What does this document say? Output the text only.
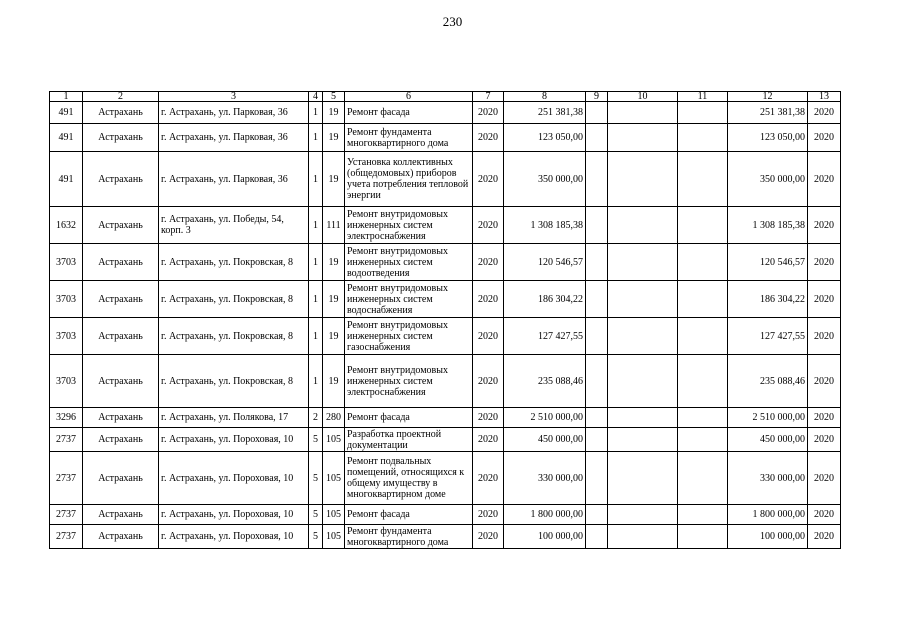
230
1	2	3	4	5	6	7	8	9	10	11	12	13
491	Астрахань	г. Астрахань, ул. Парковая, 36	1	19	Ремонт фасада	2020	251 381,38				251 381,38	2020
491	Астрахань	г. Астрахань, ул. Парковая, 36	1	19	Ремонт фундамента многоквартирного дома	2020	123 050,00				123 050,00	2020
491	Астрахань	г. Астрахань, ул. Парковая, 36	1	19	Установка коллективных (общедомовых) приборов учета потребления тепловой энергии	2020	350 000,00				350 000,00	2020
1632	Астрахань	г. Астрахань, ул. Победы, 54, корп. 3	1	111	Ремонт внутридомовых инженерных систем электроснабжения	2020	1 308 185,38				1 308 185,38	2020
3703	Астрахань	г. Астрахань, ул. Покровская, 8	1	19	Ремонт внутридомовых инженерных систем водоотведения	2020	120 546,57				120 546,57	2020
3703	Астрахань	г. Астрахань, ул. Покровская, 8	1	19	Ремонт внутридомовых инженерных систем водоснабжения	2020	186 304,22				186 304,22	2020
3703	Астрахань	г. Астрахань, ул. Покровская, 8	1	19	Ремонт внутридомовых инженерных систем газоснабжения	2020	127 427,55				127 427,55	2020
3703	Астрахань	г. Астрахань, ул. Покровская, 8	1	19	Ремонт внутридомовых инженерных систем электроснабжения	2020	235 088,46				235 088,46	2020
3296	Астрахань	г. Астрахань, ул. Полякова, 17	2	280	Ремонт фасада	2020	2 510 000,00				2 510 000,00	2020
2737	Астрахань	г. Астрахань, ул. Пороховая, 10	5	105	Разработка проектной документации	2020	450 000,00				450 000,00	2020
2737	Астрахань	г. Астрахань, ул. Пороховая, 10	5	105	Ремонт подвальных помещений, относящихся к общему имуществу в многоквартирном доме	2020	330 000,00				330 000,00	2020
2737	Астрахань	г. Астрахань, ул. Пороховая, 10	5	105	Ремонт фасада	2020	1 800 000,00				1 800 000,00	2020
2737	Астрахань	г. Астрахань, ул. Пороховая, 10	5	105	Ремонт фундамента многоквартирного дома	2020	100 000,00				100 000,00	2020
